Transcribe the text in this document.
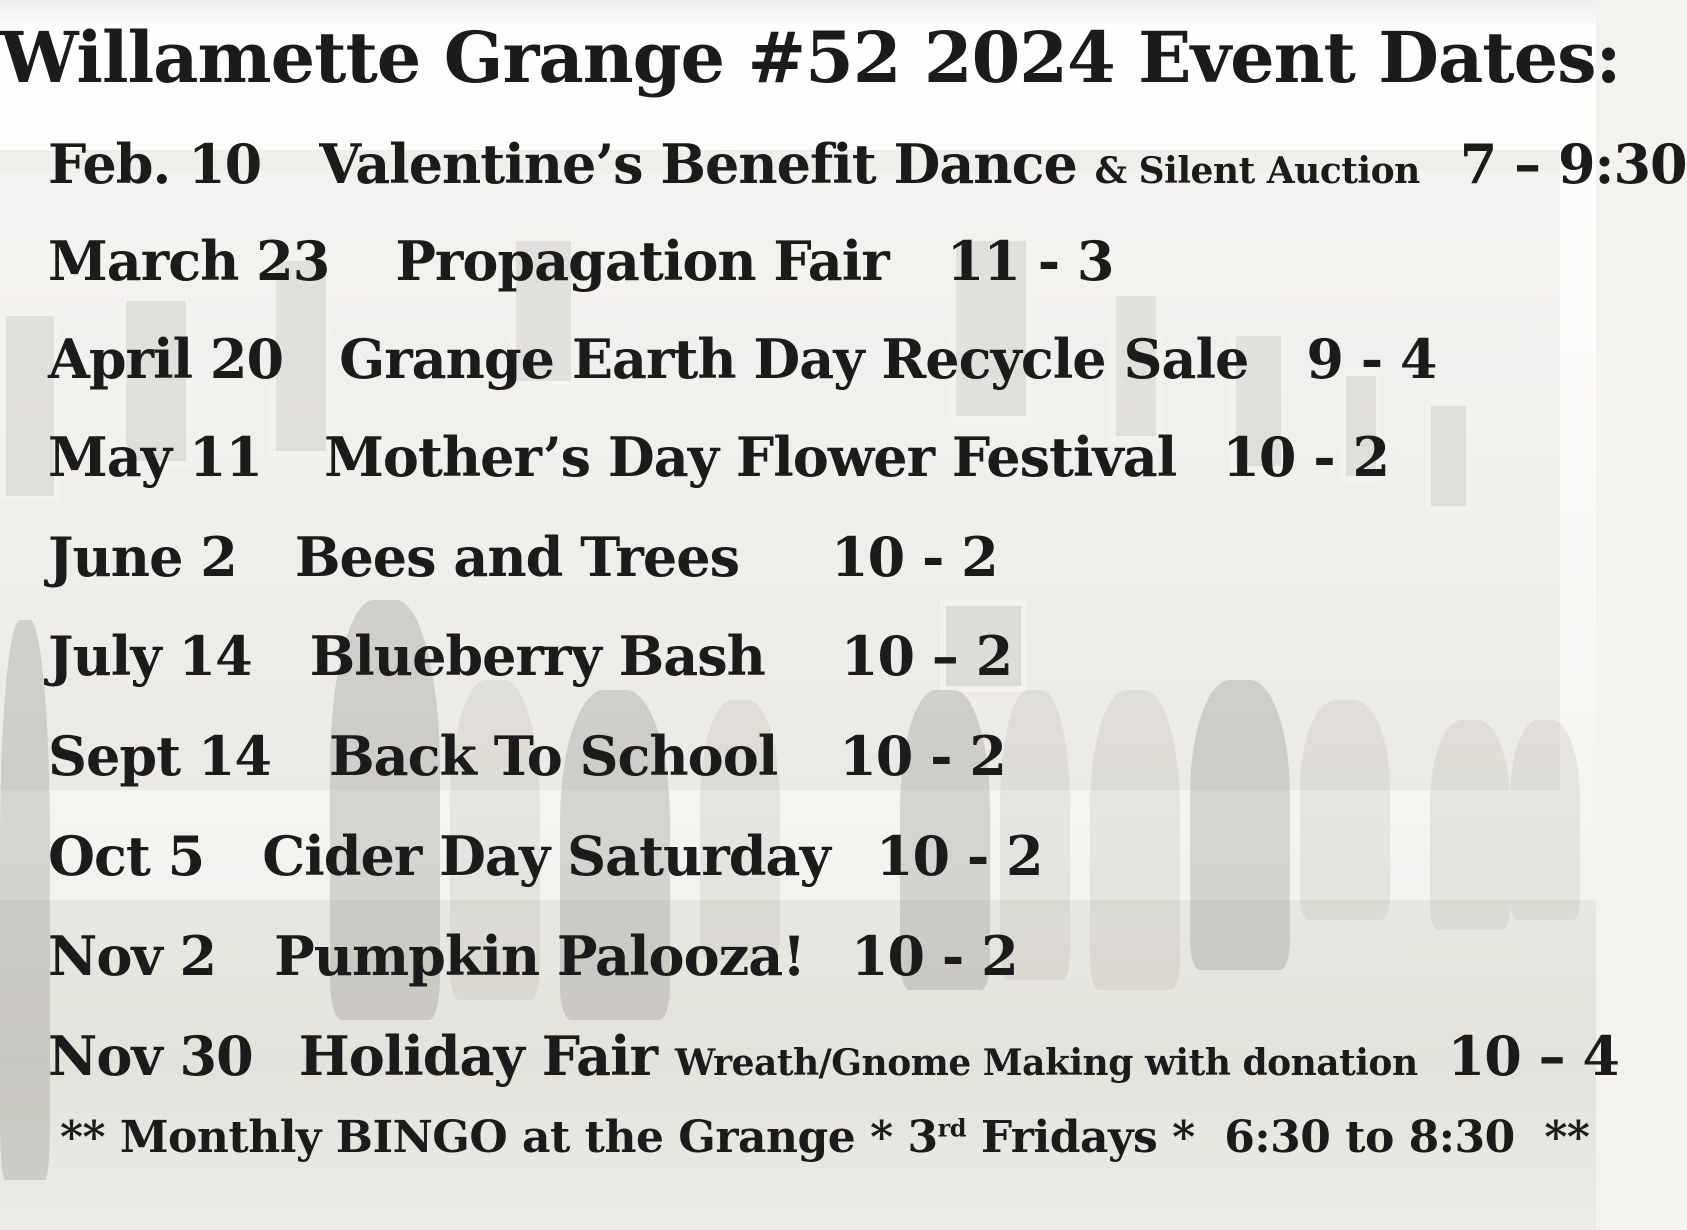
Willamette Grange #52 2024 Event Dates:
Feb. 10 Valentine’s Benefit Dance & Silent Auction 7 – 9:30
March 23 Propagation Fair 11 - 3
April 20 Grange Earth Day Recycle Sale 9 - 4
May 11 Mother’s Day Flower Festival 10 - 2
June 2 Bees and Trees 10 - 2
July 14 Blueberry Bash 10 – 2
Sept 14 Back To School 10 - 2
Oct 5 Cider Day Saturday 10 - 2
Nov 2 Pumpkin Palooza! 10 - 2
Nov 30 Holiday Fair Wreath/Gnome Making with donation 10 – 4
** Monthly BINGO at the Grange * 3rd Fridays *  6:30 to 8:30  **
